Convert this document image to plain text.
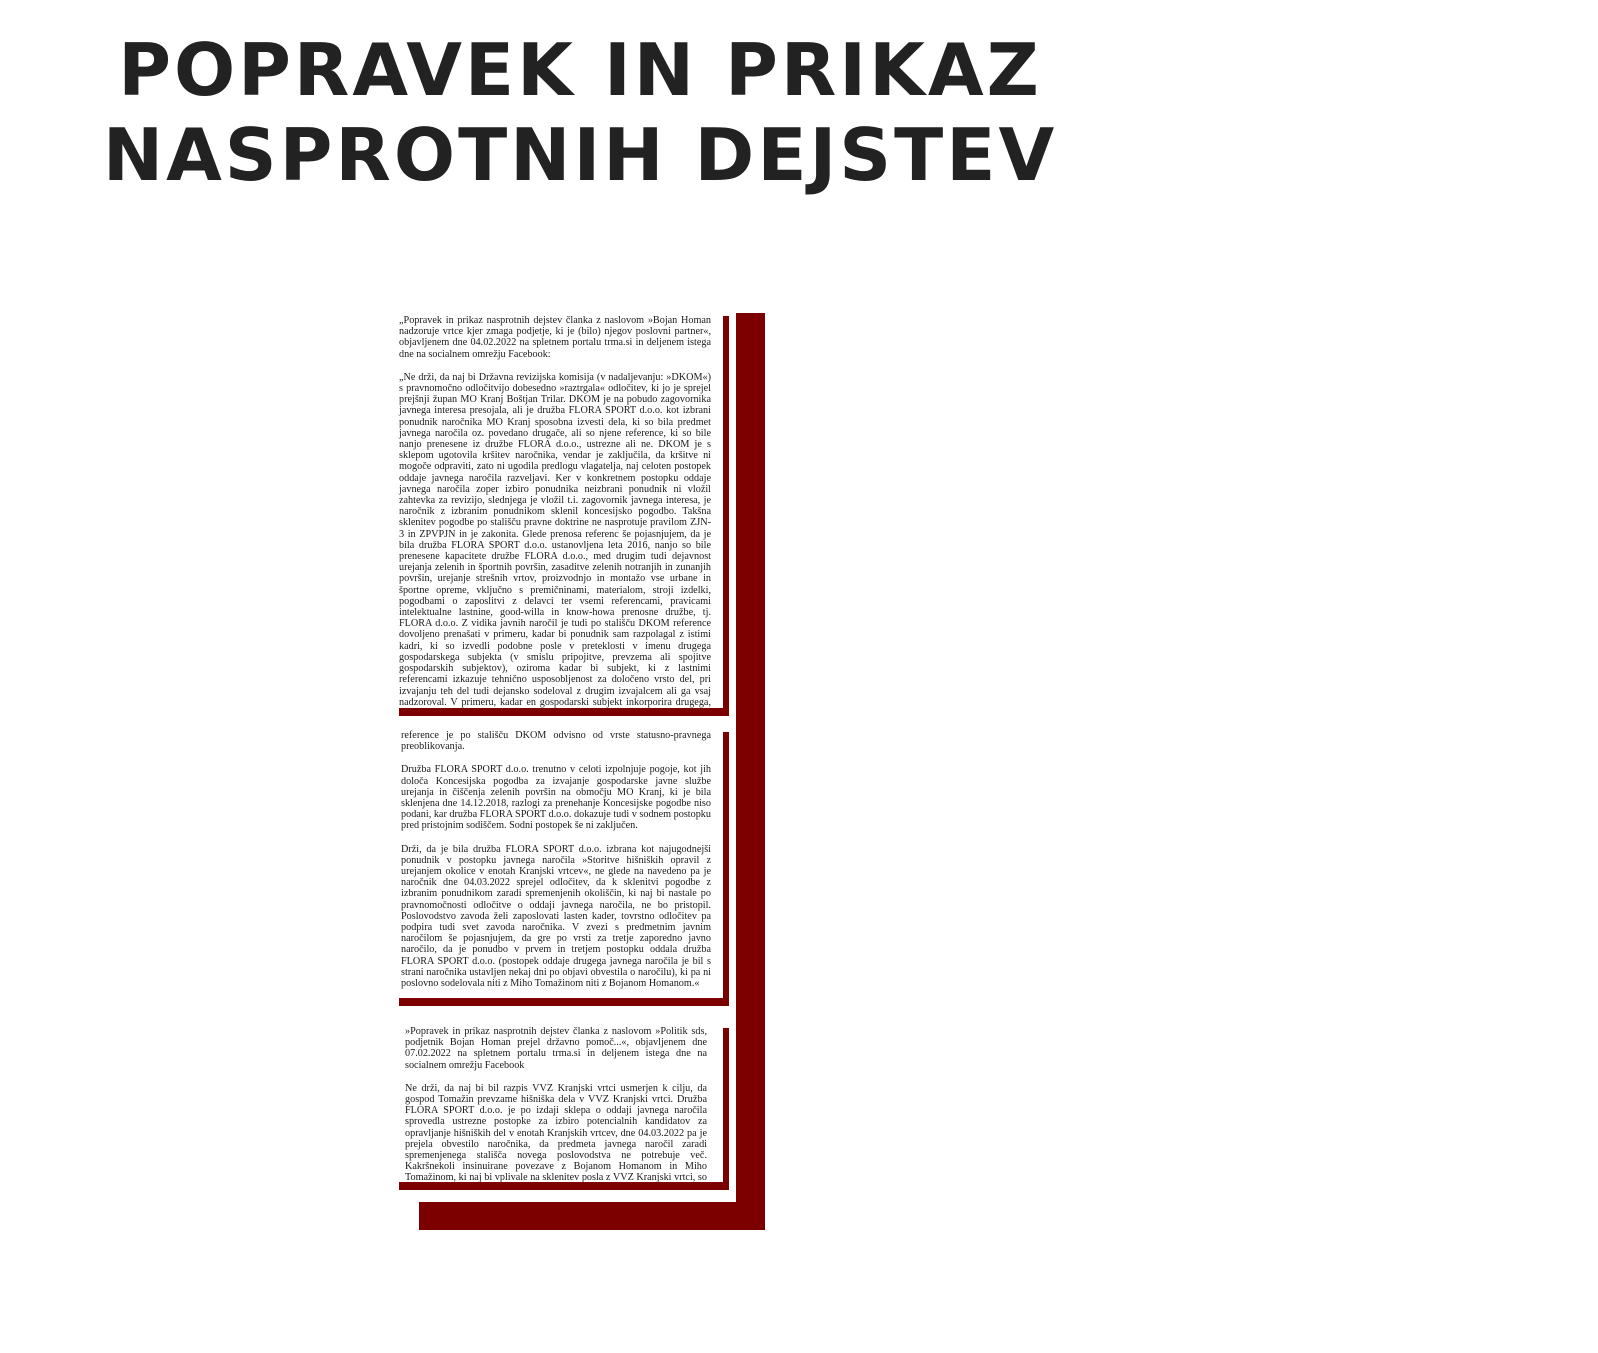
POPRAVEK IN PRIKAZ
NASPROTNIH DEJSTEV

„Popravek in prikaz nasprotnih dejstev članka z naslovom »Bojan Homan nadzoruje vrtce kjer zmaga podjetje, ki je (bilo) njegov poslovni partner«, objavljenem dne 04.02.2022 na spletnem portalu trma.si in deljenem istega dne na socialnem omrežju Facebook:

„Ne drži, da naj bi Državna revizijska komisija (v nadaljevanju: »DKOM«) s pravnomočno odločitvijo dobesedno »raztrgala« odločitev, ki jo je sprejel prejšnji župan MO Kranj Boštjan Trilar. DKOM je na pobudo zagovornika javnega interesa presojala, ali je družba FLORA SPORT d.o.o. kot izbrani ponudnik naročnika MO Kranj sposobna izvesti dela, ki so bila predmet javnega naročila oz. povedano drugače, ali so njene reference, ki so bile nanjo prenesene iz družbe FLORA d.o.o., ustrezne ali ne. DKOM je s sklepom ugotovila kršitev naročnika, vendar je zaključila, da kršitve ni mogoče odpraviti, zato ni ugodila predlogu vlagatelja, naj celoten postopek oddaje javnega naročila razveljavi. Ker v konkretnem postopku oddaje javnega naročila zoper izbiro ponudnika neizbrani ponudnik ni vložil zahtevka za revizijo, slednjega je vložil t.i. zagovornik javnega interesa, je naročnik z izbranim ponudnikom sklenil koncesijsko pogodbo. Takšna sklenitev pogodbe po stališču pravne doktrine ne nasprotuje pravilom ZJN-3 in ZPVPJN in je zakonita. Glede prenosa referenc še pojasnjujem, da je bila družba FLORA SPORT d.o.o. ustanovljena leta 2016, nanjo so bile prenesene kapacitete družbe FLORA d.o.o., med drugim tudi dejavnost urejanja zelenih in športnih površin, zasaditve zelenih notranjih in zunanjih površin, urejanje strešnih vrtov, proizvodnjo in montažo vse urbane in športne opreme, vključno s premičninami, materialom, stroji izdelki, pogodbami o zaposlitvi z delavci ter vsemi referencami, pravicami intelektualne lastnine, good-willa in know-howa prenosne družbe, tj. FLORA d.o.o. Z vidika javnih naročil je tudi po stališču DKOM reference dovoljeno prenašati v primeru, kadar bi ponudnik sam razpolagal z istimi kadri, ki so izvedli podobne posle v preteklosti v imenu drugega gospodarskega subjekta (v smislu pripojitve, prevzema ali spojitve gospodarskih subjektov), oziroma kadar bi subjekt, ki z lastnimi referencami izkazuje tehnično usposobljenost za določeno vrsto del, pri izvajanju teh del tudi dejansko sodeloval z drugim izvajalcem ali ga vsaj nadzoroval. V primeru, kadar en gospodarski subjekt inkorporira drugega,

reference je po stališču DKOM odvisno od vrste statusno-pravnega preoblikovanja.

Družba FLORA SPORT d.o.o. trenutno v celoti izpolnjuje pogoje, kot jih določa Koncesijska pogodba za izvajanje gospodarske javne službe urejanja in čiščenja zelenih površin na območju MO Kranj, ki je bila sklenjena dne 14.12.2018, razlogi za prenehanje Koncesijske pogodbe niso podani, kar družba FLORA SPORT d.o.o. dokazuje tudi v sodnem postopku pred pristojnim sodiščem. Sodni postopek še ni zaključen.

Drži, da je bila družba FLORA SPORT d.o.o. izbrana kot najugodnejši ponudnik v postopku javnega naročila »Storitve hišniških opravil z urejanjem okolice v enotah Kranjski vrtcev«, ne glede na navedeno pa je naročnik dne 04.03.2022 sprejel odločitev, da k sklenitvi pogodbe z izbranim ponudnikom zaradi spremenjenih okoliščin, ki naj bi nastale po pravnomočnosti odločitve o oddaji javnega naročila, ne bo pristopil. Poslovodstvo zavoda želi zaposlovati lasten kader, tovrstno odločitev pa podpira tudi svet zavoda naročnika. V zvezi s predmetnim javnim naročilom še pojasnjujem, da gre po vrsti za tretje zaporedno javno naročilo, da je ponudbo v prvem in tretjem postopku oddala družba FLORA SPORT d.o.o. (postopek oddaje drugega javnega naročila je bil s strani naročnika ustavljen nekaj dni po objavi obvestila o naročilu), ki pa ni poslovno sodelovala niti z Miho Tomažinom niti z Bojanom Homanom.«

»Popravek in prikaz nasprotnih dejstev članka z naslovom »Politik sds, podjetnik Bojan Homan prejel državno pomoč...«, objavljenem dne 07.02.2022 na spletnem portalu trma.si in deljenem istega dne na socialnem omrežju Facebook

Ne drži, da naj bi bil razpis VVZ Kranjski vrtci usmerjen k cilju, da gospod Tomažin prevzame hišniška dela v VVZ Kranjski vrtci. Družba FLORA SPORT d.o.o. je po izdaji sklepa o oddaji javnega naročila sprovedla ustrezne postopke za izbiro potencialnih kandidatov za opravljanje hišniških del v enotah Kranjskih vrtcev, dne 04.03.2022 pa je prejela obvestilo naročnika, da predmeta javnega naročil zaradi spremenjenega stališča novega poslovodstva ne potrebuje več. Kakršnekoli insinuirane povezave z Bojanom Homanom in Miho Tomažinom, ki naj bi vplivale na sklenitev posla z VVZ Kranjski vrtci, so
